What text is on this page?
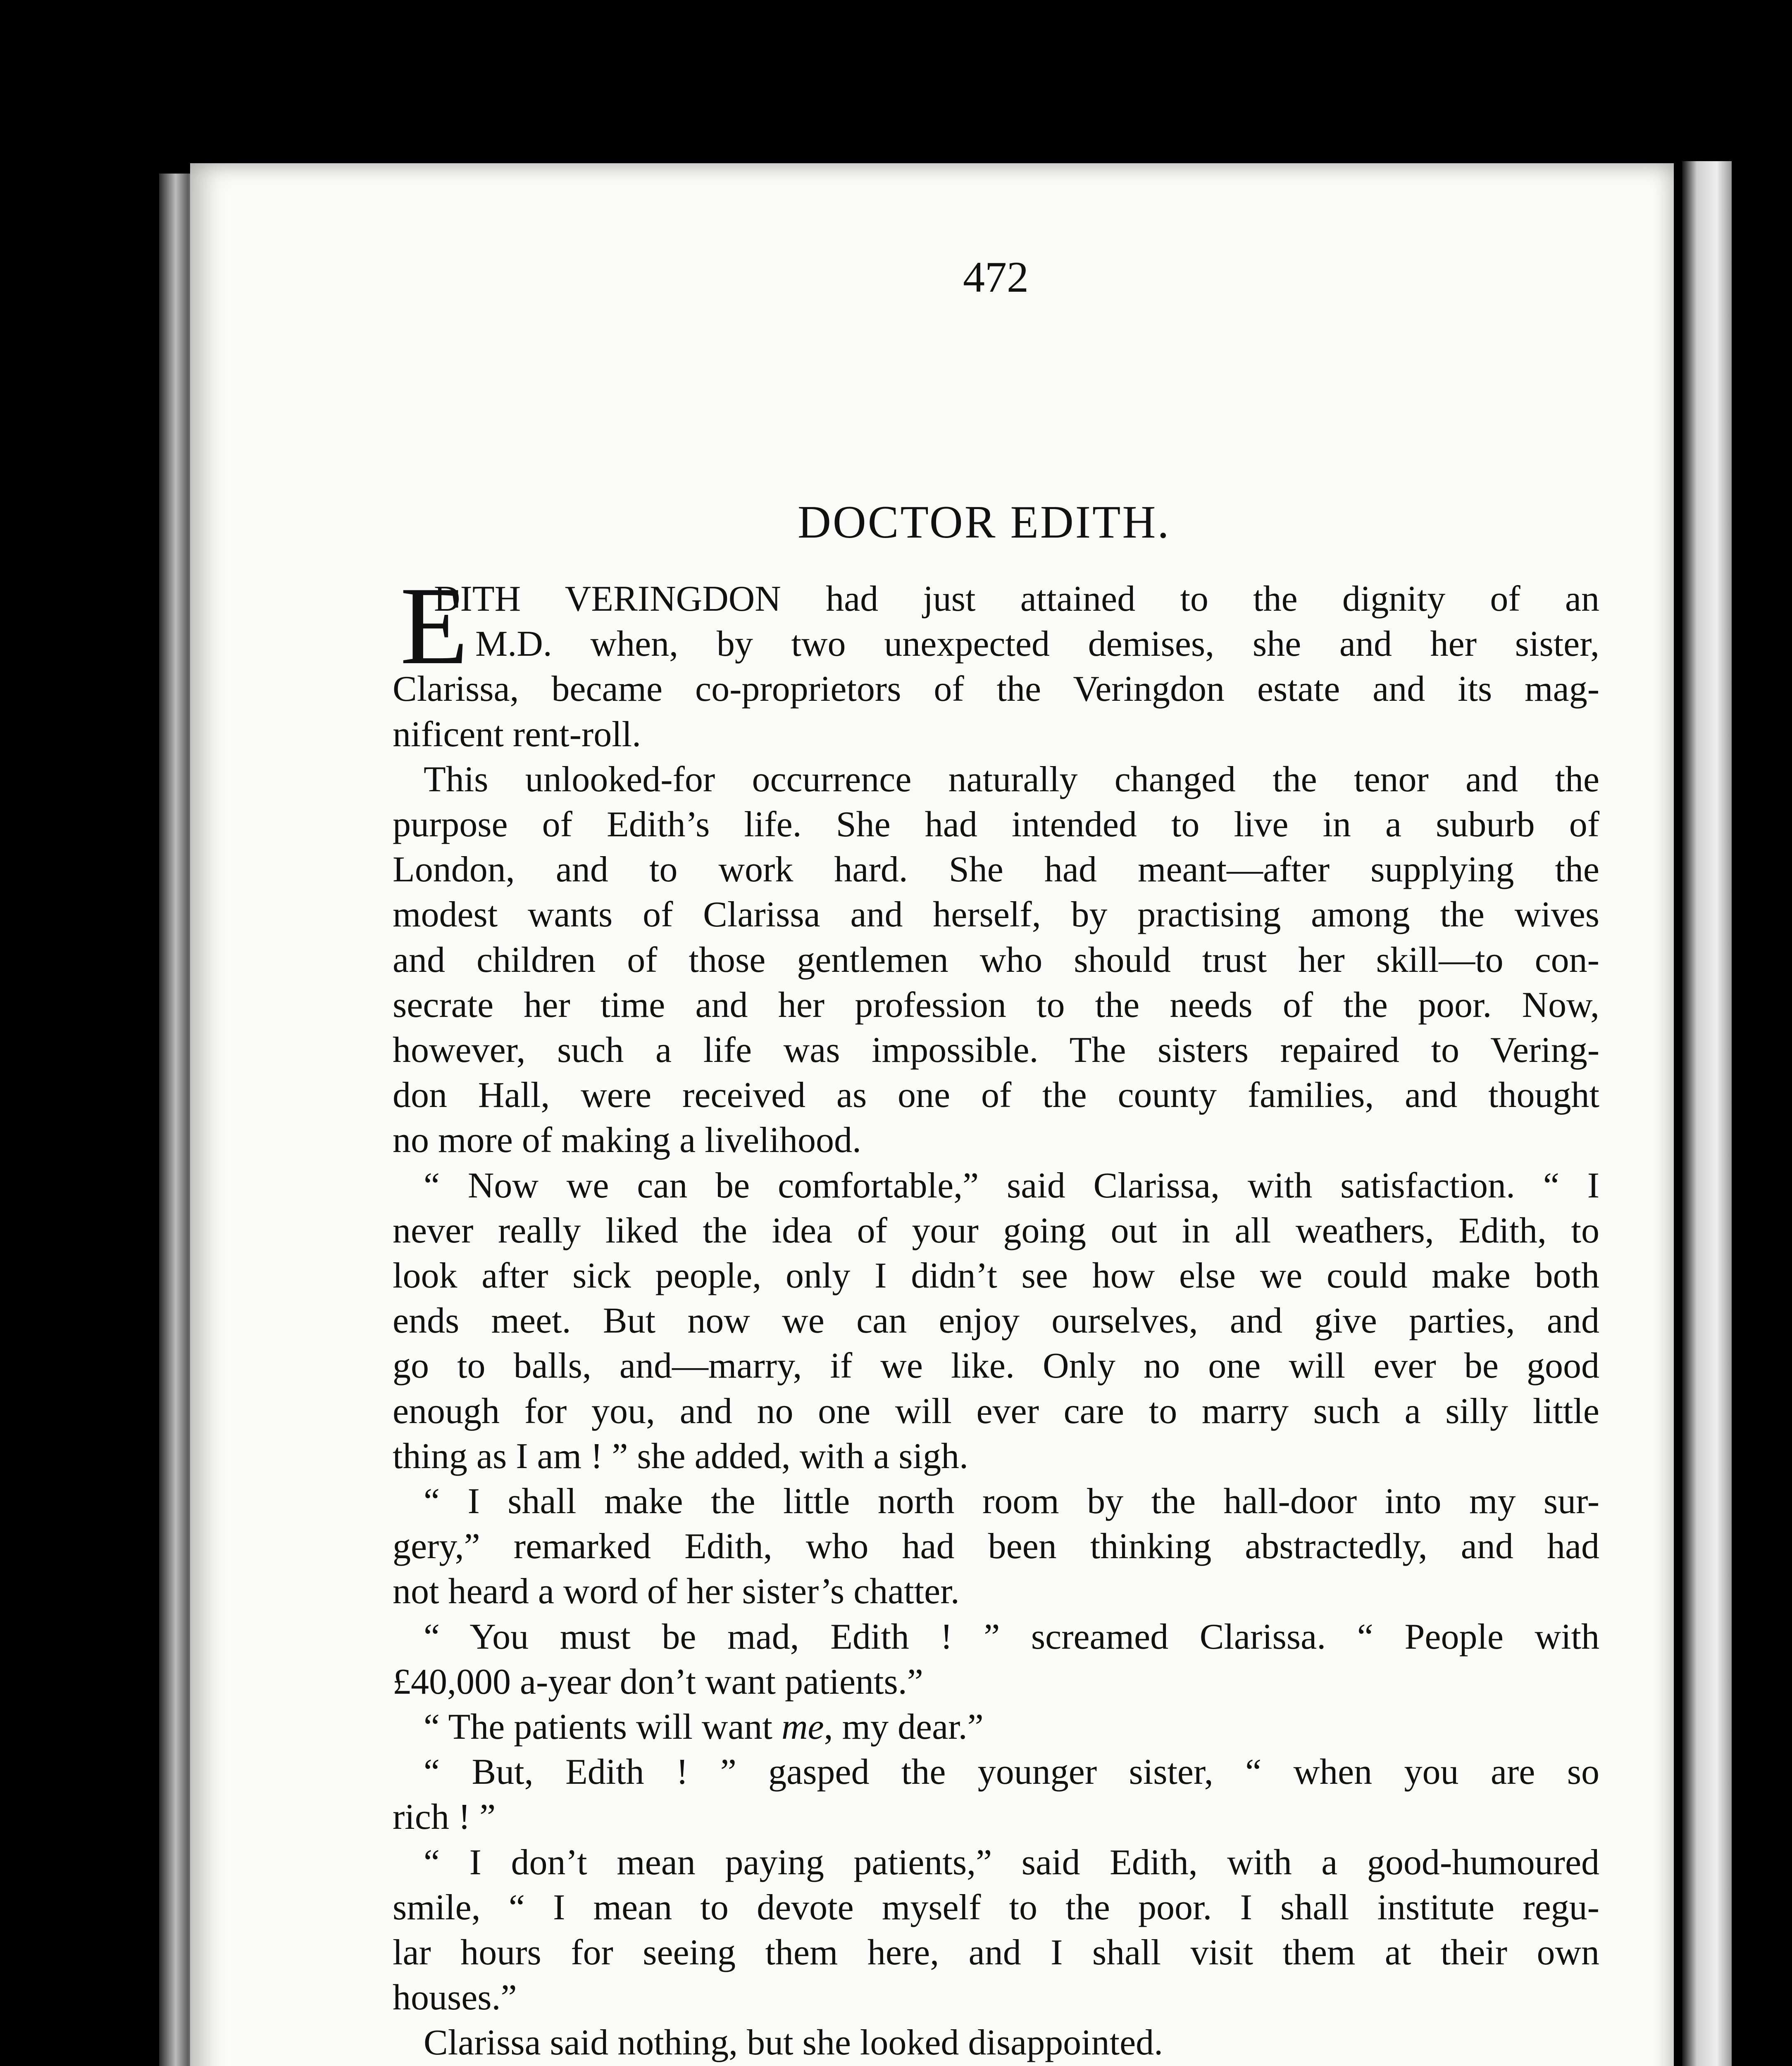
472
DOCTOR EDITH.
E

DITH VERINGDON had just attained to the dignity of an

M.D. when, by two unexpected demises, she and her sister,

Clarissa, became co-proprietors of the Veringdon estate and its mag-

nificent rent-roll.

This unlooked-for occurrence naturally changed the tenor and the

purpose of Edith’s life. She had intended to live in a suburb of

London, and to work hard. She had meant—after supplying the

modest wants of Clarissa and herself, by practising among the wives

and children of those gentlemen who should trust her skill—to con-

secrate her time and her profession to the needs of the poor. Now,

however, such a life was impossible. The sisters repaired to Vering-

don Hall, were received as one of the county families, and thought

no more of making a livelihood.

“ Now we can be comfortable,” said Clarissa, with satisfaction. “ I

never really liked the idea of your going out in all weathers, Edith, to

look after sick people, only I didn’t see how else we could make both

ends meet. But now we can enjoy ourselves, and give parties, and

go to balls, and—marry, if we like. Only no one will ever be good

enough for you, and no one will ever care to marry such a silly little

thing as I am ! ” she added, with a sigh.

“ I shall make the little north room by the hall-door into my sur-

gery,” remarked Edith, who had been thinking abstractedly, and had

not heard a word of her sister’s chatter.

“ You must be mad, Edith ! ” screamed Clarissa. “ People with

£40,000 a-year don’t want patients.”

“ The patients will want me, my dear.”

“ But, Edith ! ” gasped the younger sister, “ when you are so

rich ! ”

“ I don’t mean paying patients,” said Edith, with a good-humoured

smile, “ I mean to devote myself to the poor. I shall institute regu-

lar hours for seeing them here, and I shall visit them at their own

houses.”

Clarissa said nothing, but she looked disappointed.
